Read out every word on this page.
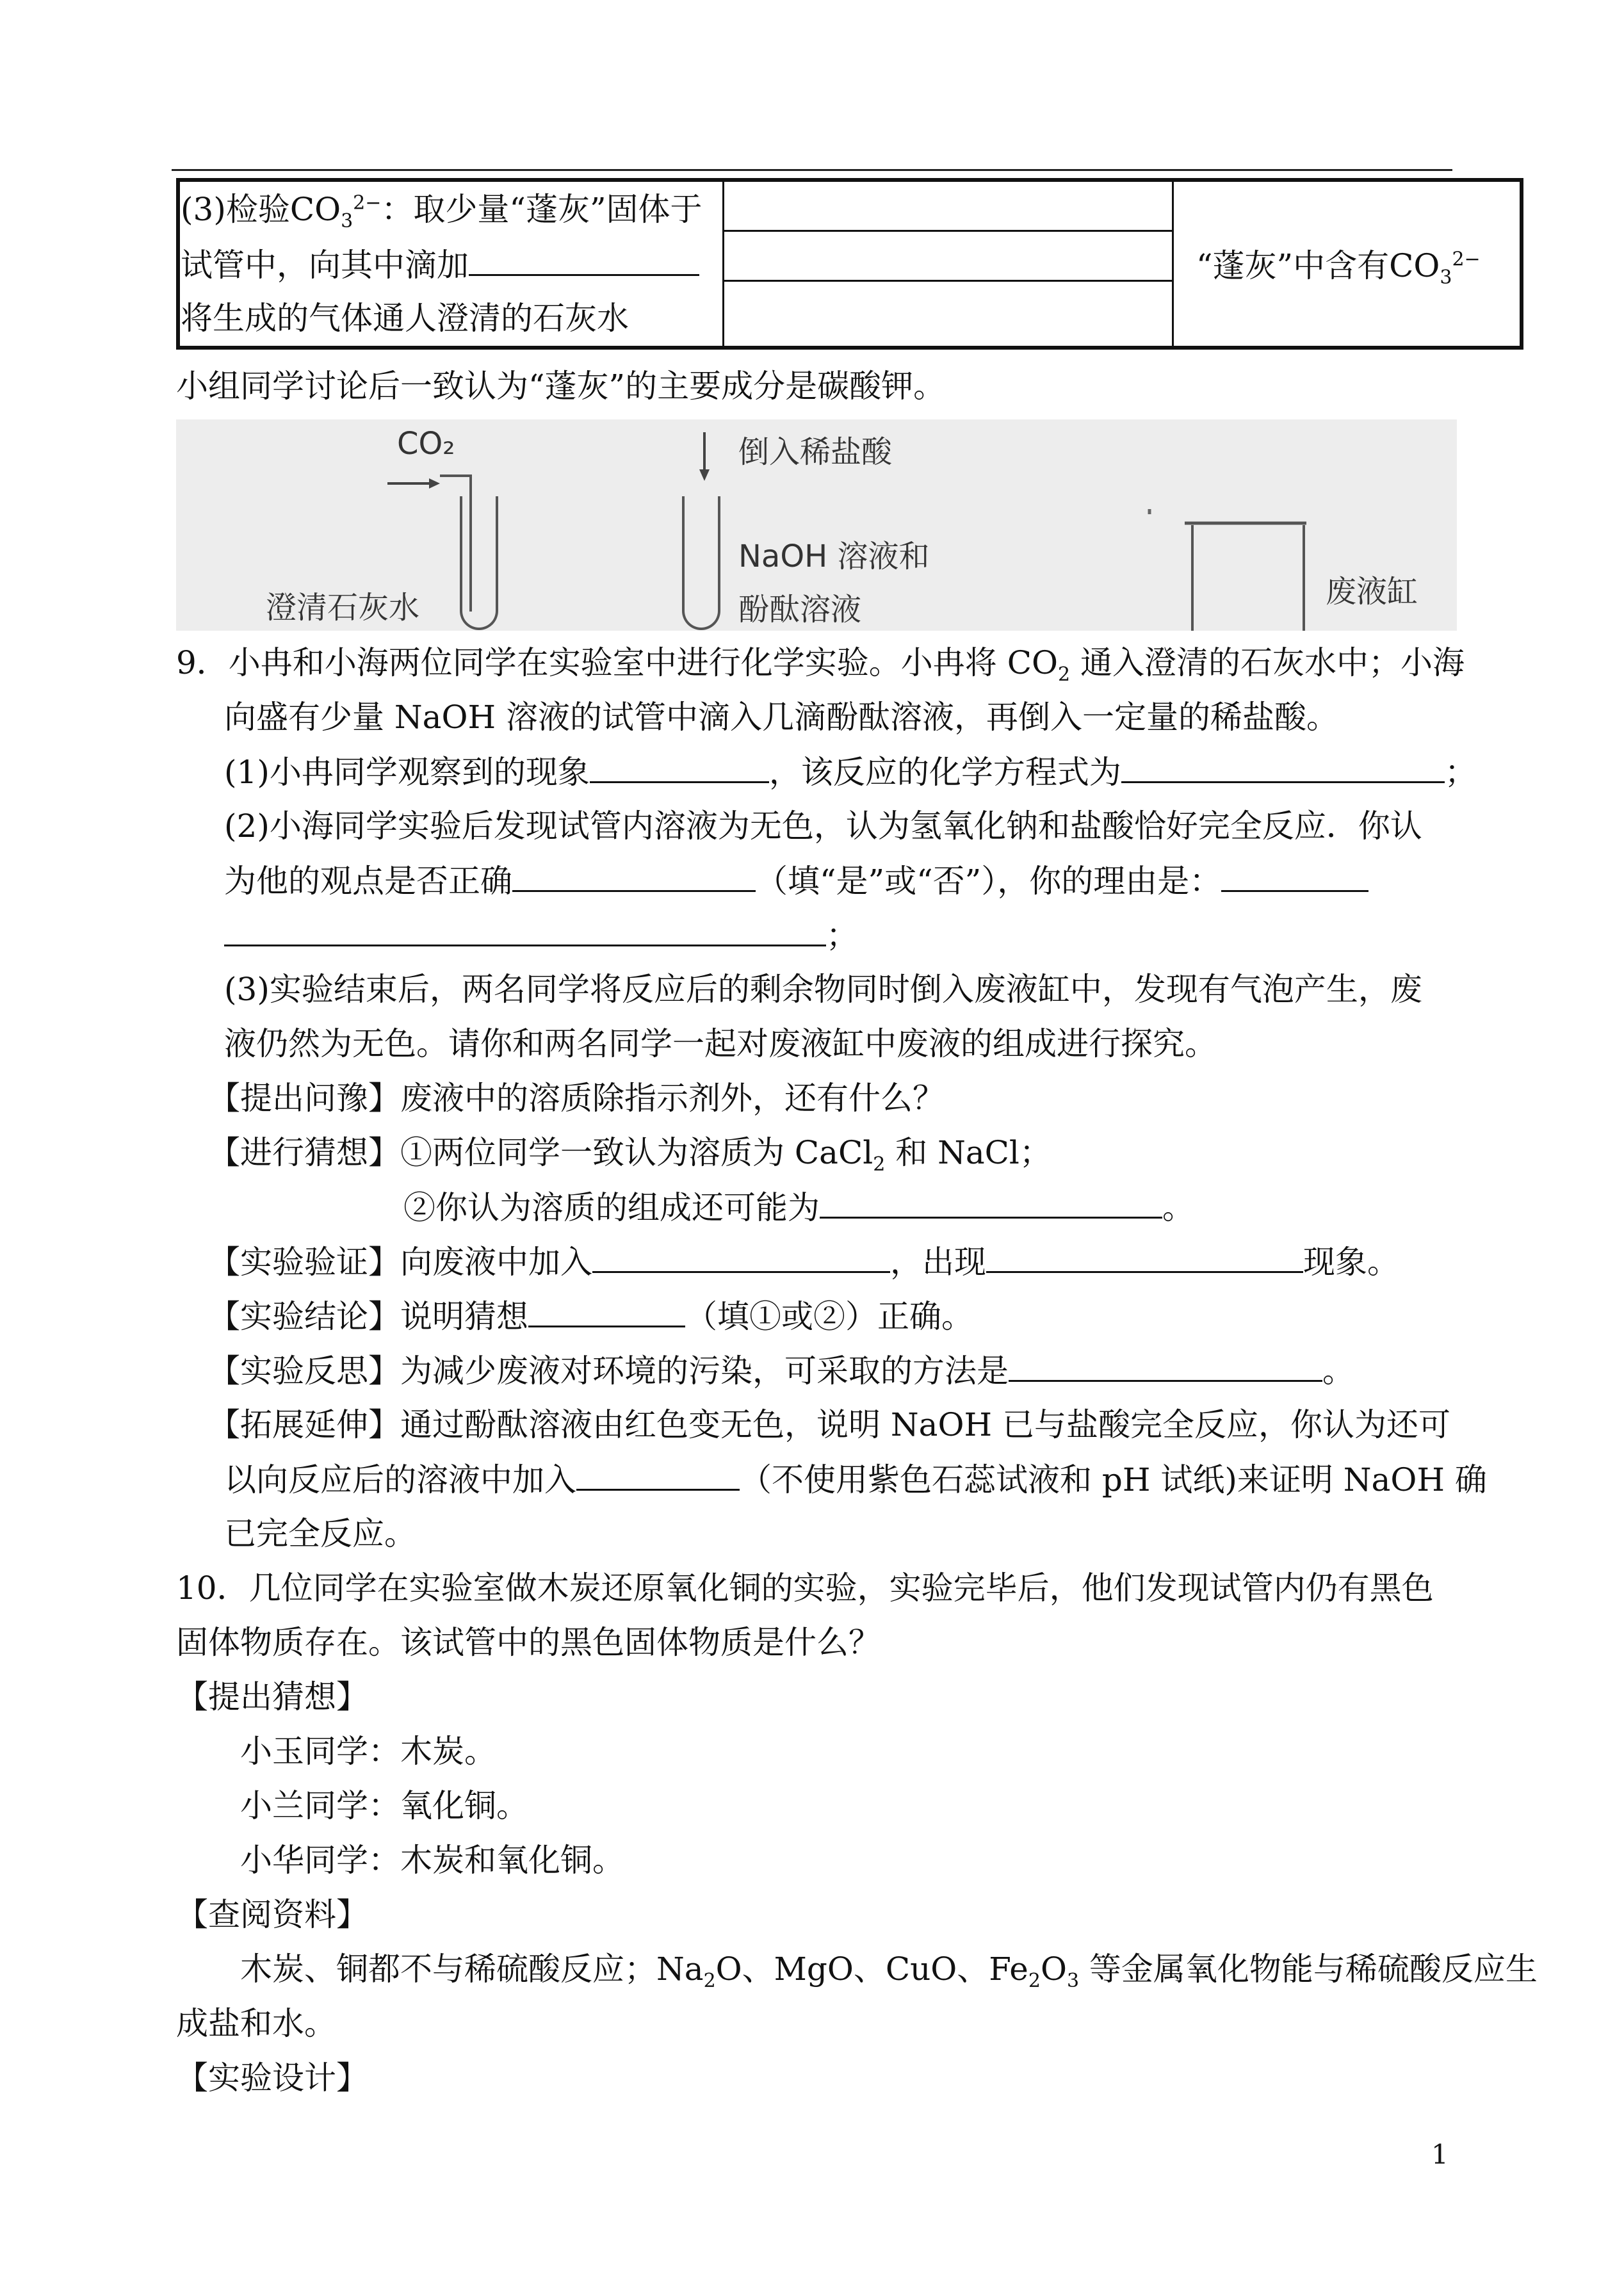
(3)检验$CO_3^{2-}$：取少量“蓬灰”固体于
试管中，向其中滴加
将生成的气体通人澄清的石灰水
“蓬灰”中含有$CO_3^{2-}$
小组同学讨论后一致认为“蓬灰”的主要成分是碳酸钾。
CO₂
澄清石灰水
倒入稀盐酸
NaOH 溶液和
酚酞溶液	废液缸
9．小冉和小海两位同学在实验室中进行化学实验。小冉将 $CO_2$ 通入澄清的石灰水中；小海
向盛有少量 NaOH 溶液的试管中滴入几滴酚酞溶液，再倒入一定量的稀盐酸。
(1)小冉同学观察到的现象	，该反应的化学方程式为	；
(2)小海同学实验后发现试管内溶液为无色，认为氢氧化钠和盐酸恰好完全反应．你认
为他的观点是否正确	（填“是”或“否”），你的理由是：
；
(3)实验结束后，两名同学将反应后的剩余物同时倒入废液缸中，发现有气泡产生，废
液仍然为无色。请你和两名同学一起对废液缸中废液的组成进行探究。
【提出问豫】废液中的溶质除指示剂外，还有什么？
【进行猜想】①两位同学一致认为溶质为 CaCl$_2$ 和 NaCl；
②你认为溶质的组成还可能为	。
【实验验证】向废液中加入	，出现	现象。
【实验结论】说明猜想	（填①或②）正确。
【实验反思】为减少废液对环境的污染，可采取的方法是	。
【拓展延伸】通过酚酞溶液由红色变无色，说明 NaOH 已与盐酸完全反应，你认为还可
以向反应后的溶液中加入	（不使用紫色石蕊试液和 pH 试纸)来证明 NaOH 确
已完全反应。
10．几位同学在实验室做木炭还原氧化铜的实验，实验完毕后，他们发现试管内仍有黑色
固体物质存在。该试管中的黑色固体物质是什么？
【提出猜想】
小玉同学：木炭。
小兰同学：氧化铜。
小华同学：木炭和氧化铜。
【查阅资料】
木炭、铜都不与稀硫酸反应；$Na_2O$、MgO、CuO、$Fe_2O_3$ 等金属氧化物能与稀硫酸反应生
成盐和水。
【实验设计】
1
